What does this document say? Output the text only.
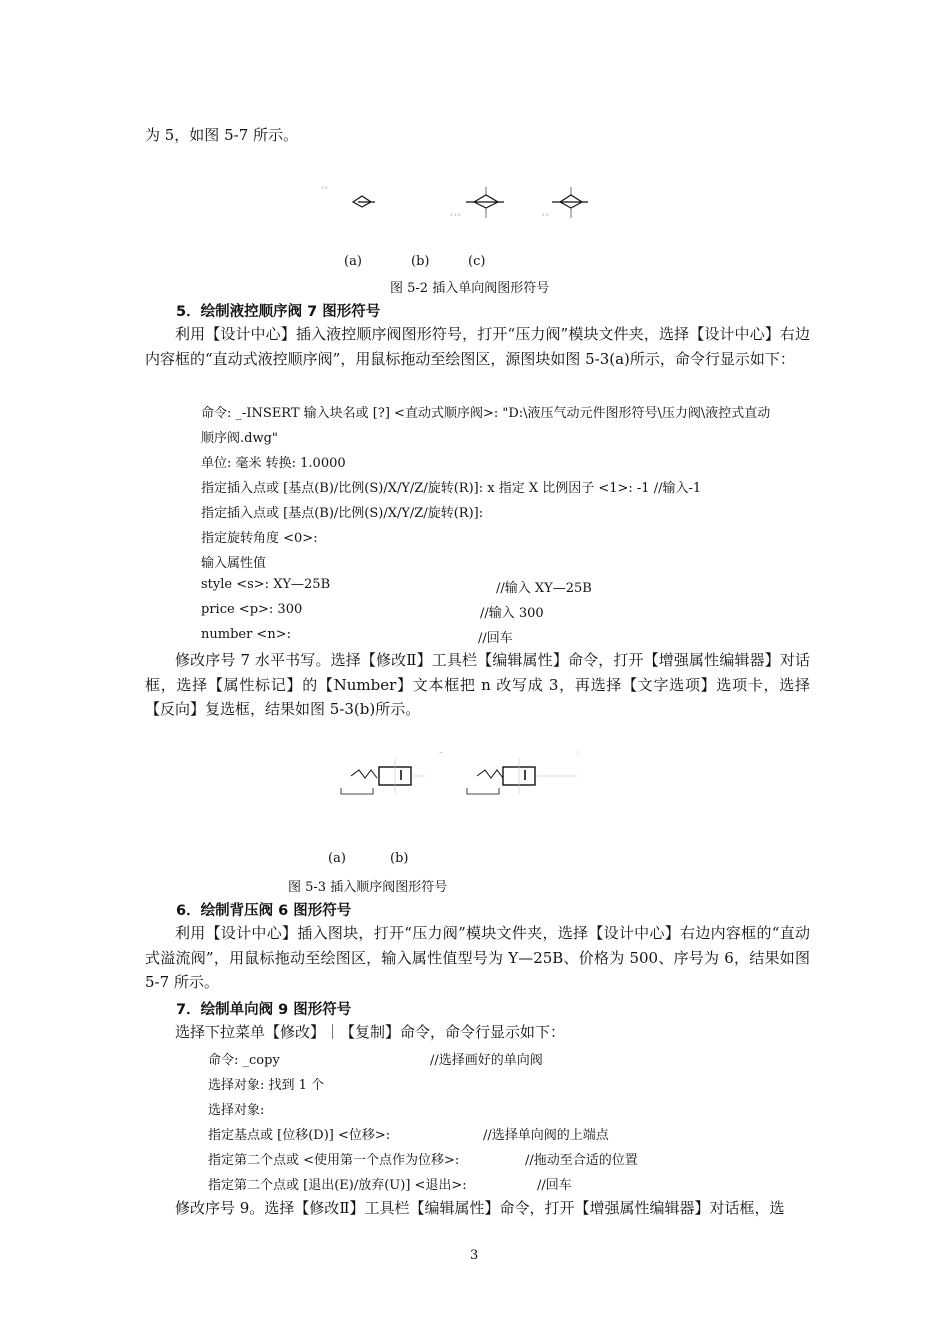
为 5，如图 5-7 所示。
1:3
1-3-5	1-5
(a)	(b)	(c)
图 5-2 插入单向阀图形符号
5．绘制液控顺序阀 7 图形符号
利用【设计中心】插入液控顺序阀图形符号，打开“压力阀”模块文件夹，选择【设计中心】右边内容框的“直动式液控顺序阀”，用鼠标拖动至绘图区，源图块如图 5-3(a)所示，命令行显示如下：
命令: _-INSERT 输入块名或 [?] <直动式顺序阀>: "D:\液压气动元件图形符号\压力阀\液控式直动
顺序阀.dwg"
单位: 毫米 转换: 1.0000
指定插入点或 [基点(B)/比例(S)/X/Y/Z/旋转(R)]: x 指定 X 比例因子 <1>: -1 //输入-1
指定插入点或 [基点(B)/比例(S)/X/Y/Z/旋转(R)]:
指定旋转角度 <0>:
输入属性值
style <s>: XY—25B	//输入 XY—25B
price <p>: 300	//输入 300
number <n>:	//回车
修改序号 7 水平书写。选择【修改Ⅱ】工具栏【编辑属性】命令，打开【增强属性编辑器】对话框，选择【属性标记】的【Number】文本框把 n 改写成 3，再选择【文字选项】选项卡，选择【反向】复选框，结果如图 5-3(b)所示。
~	/
(a)	(b)
图 5-3 插入顺序阀图形符号
6．绘制背压阀 6 图形符号
利用【设计中心】插入图块，打开“压力阀”模块文件夹，选择【设计中心】右边内容框的“直动式溢流阀”，用鼠标拖动至绘图区，输入属性值型号为 Y—25B、价格为 500、序号为 6，结果如图 5-7 所示。
7．绘制单向阀 9 图形符号
选择下拉菜单【修改】｜【复制】命令，命令行显示如下：
命令: _copy	//选择画好的单向阀
选择对象: 找到 1 个
选择对象:
指定基点或 [位移(D)] <位移>:	//选择单向阀的上端点
指定第二个点或 <使用第一个点作为位移>:	//拖动至合适的位置
指定第二个点或 [退出(E)/放弃(U)] <退出>:	//回车
修改序号 9。选择【修改Ⅱ】工具栏【编辑属性】命令，打开【增强属性编辑器】对话框，选
3
